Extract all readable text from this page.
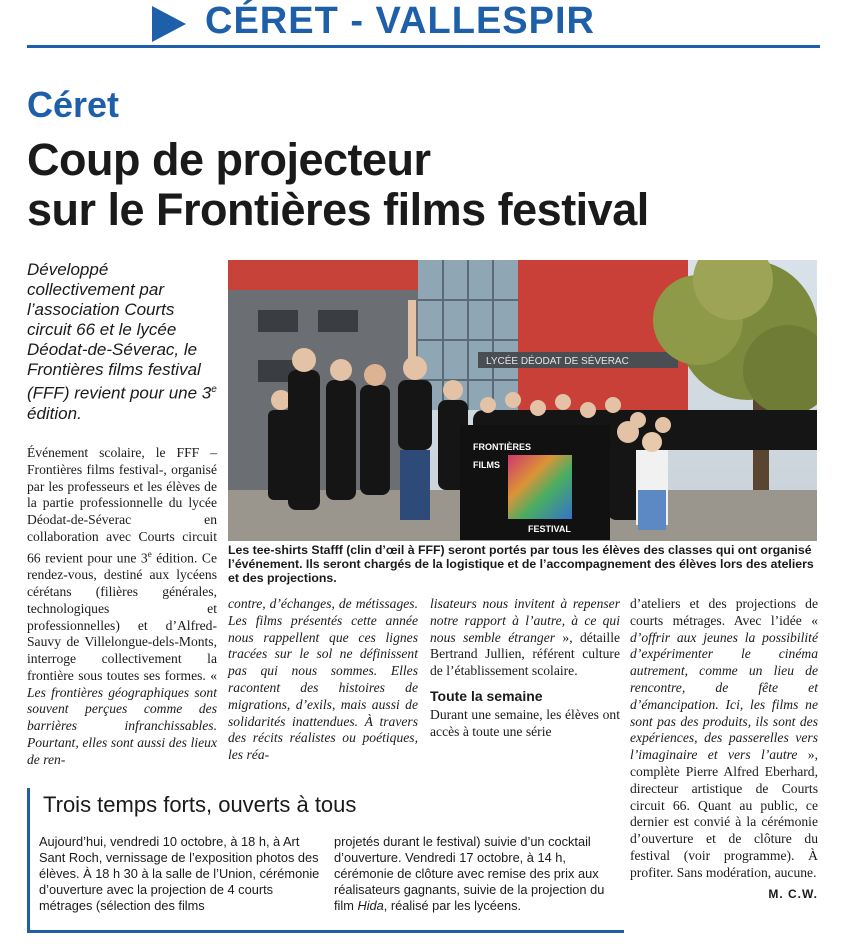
CÉRET - VALLESPIR
Céret
Coup de projecteur
sur le Frontières films festival
Développé collectivement par l’association Courts circuit 66 et le lycée Déodat-de-Séverac, le Frontières films festival (FFF) revient pour une 3e édition.
LYCÉE DÉODAT DE SÉVERAC
FRONTIÈRES
FILMS
FESTIVAL
Les tee-shirts Stafff (clin d’œil à FFF) seront portés par tous les élèves des classes qui ont organisé l’événement. Ils seront chargés de la logistique et de l’accompagnement des élèves lors des ateliers et des projections.
Événement scolaire, le FFF – Frontières films festival-, organisé par les professeurs et les élèves de la partie professionnelle du lycée Déodat-de-Séverac en collaboration avec Courts circuit 66 revient pour une 3e édition. Ce rendez-vous, destiné aux lycéens cérétans (filières générales, technologiques et professionnelles) et d’Alfred-Sauvy de Villelongue-dels-Monts, interroge collectivement la frontière sous toutes ses formes. « Les frontières géographiques sont souvent perçues comme des barrières infranchissables. Pourtant, elles sont aussi des lieux de ren-
contre, d’échanges, de métissages. Les films présentés cette année nous rappellent que ces lignes tracées sur le sol ne définissent pas qui nous sommes. Elles racontent des histoires de migrations, d’exils, mais aussi de solidarités inattendues. À travers des récits réalistes ou poétiques, les réa-
lisateurs nous invitent à repenser notre rapport à l’autre, à ce qui nous semble étranger », détaille Bertrand Jullien, référent culture de l’établissement scolaire.
Toute la semaine
Durant une semaine, les élèves ont accès à toute une série
d’ateliers et des projections de courts métrages. Avec l’idée « d’offrir aux jeunes la possibilité d’expérimenter le cinéma autrement, comme un lieu de rencontre, de fête et d’émancipation. Ici, les films ne sont pas des produits, ils sont des expériences, des passerelles vers l’imaginaire et vers l’autre », complète Pierre Alfred Eberhard, directeur artistique de Courts circuit 66. Quant au public, ce dernier est convié à la cérémonie d’ouverture et de clôture du festival (voir programme). À profiter. Sans modération, aucune.
M. C.W.
Trois temps forts, ouverts à tous
Aujourd’hui, vendredi 10 octobre, à 18 h, à Art Sant Roch, vernissage de l’exposition photos des élèves. À 18 h 30 à la salle de l’Union, cérémonie d’ouverture avec la projection de 4 courts métrages (sélection des films
projetés durant le festival) suivie d’un cocktail d’ouverture. Vendredi 17 octobre, à 14 h, cérémonie de clôture avec remise des prix aux réalisateurs gagnants, suivie de la projection du film Hida, réalisé par les lycéens.
